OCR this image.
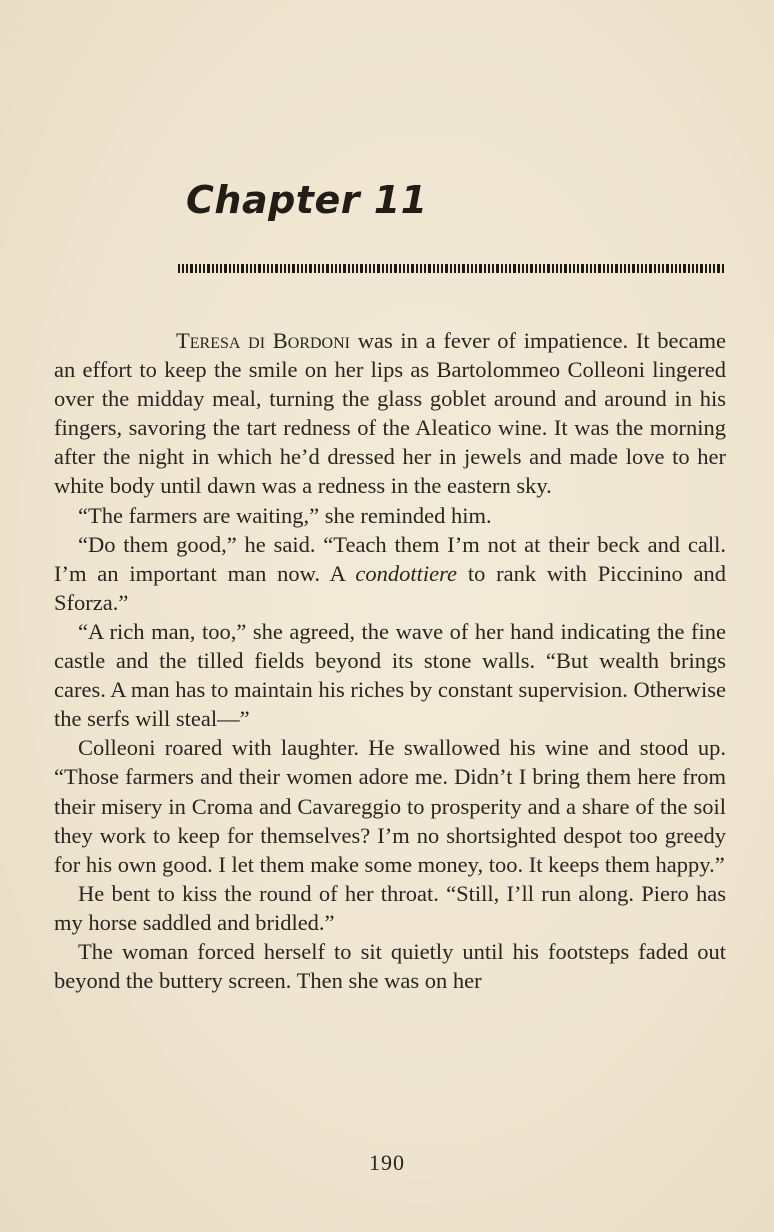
Chapter 11

Teresa di Bordoni was in a fever of impatience. It became an effort to keep the smile on her lips as Bartolommeo Colleoni lingered over the midday meal, turning the glass goblet around and around in his fingers, savoring the tart redness of the Aleatico wine. It was the morning after the night in which he’d dressed her in jewels and made love to her white body until dawn was a redness in the eastern sky.

“The farmers are waiting,” she reminded him.

“Do them good,” he said. “Teach them I’m not at their beck and call. I’m an important man now. A condottiere to rank with Piccinino and Sforza.”

“A rich man, too,” she agreed, the wave of her hand indicating the fine castle and the tilled fields beyond its stone walls. “But wealth brings cares. A man has to maintain his riches by constant supervision. Otherwise the serfs will steal—”

Colleoni roared with laughter. He swallowed his wine and stood up. “Those farmers and their women adore me. Didn’t I bring them here from their misery in Croma and Cavareggio to prosperity and a share of the soil they work to keep for themselves? I’m no shortsighted despot too greedy for his own good. I let them make some money, too. It keeps them happy.”

He bent to kiss the round of her throat. “Still, I’ll run along. Piero has my horse saddled and bridled.”

The woman forced herself to sit quietly until his footsteps faded out beyond the buttery screen. Then she was on her

190
